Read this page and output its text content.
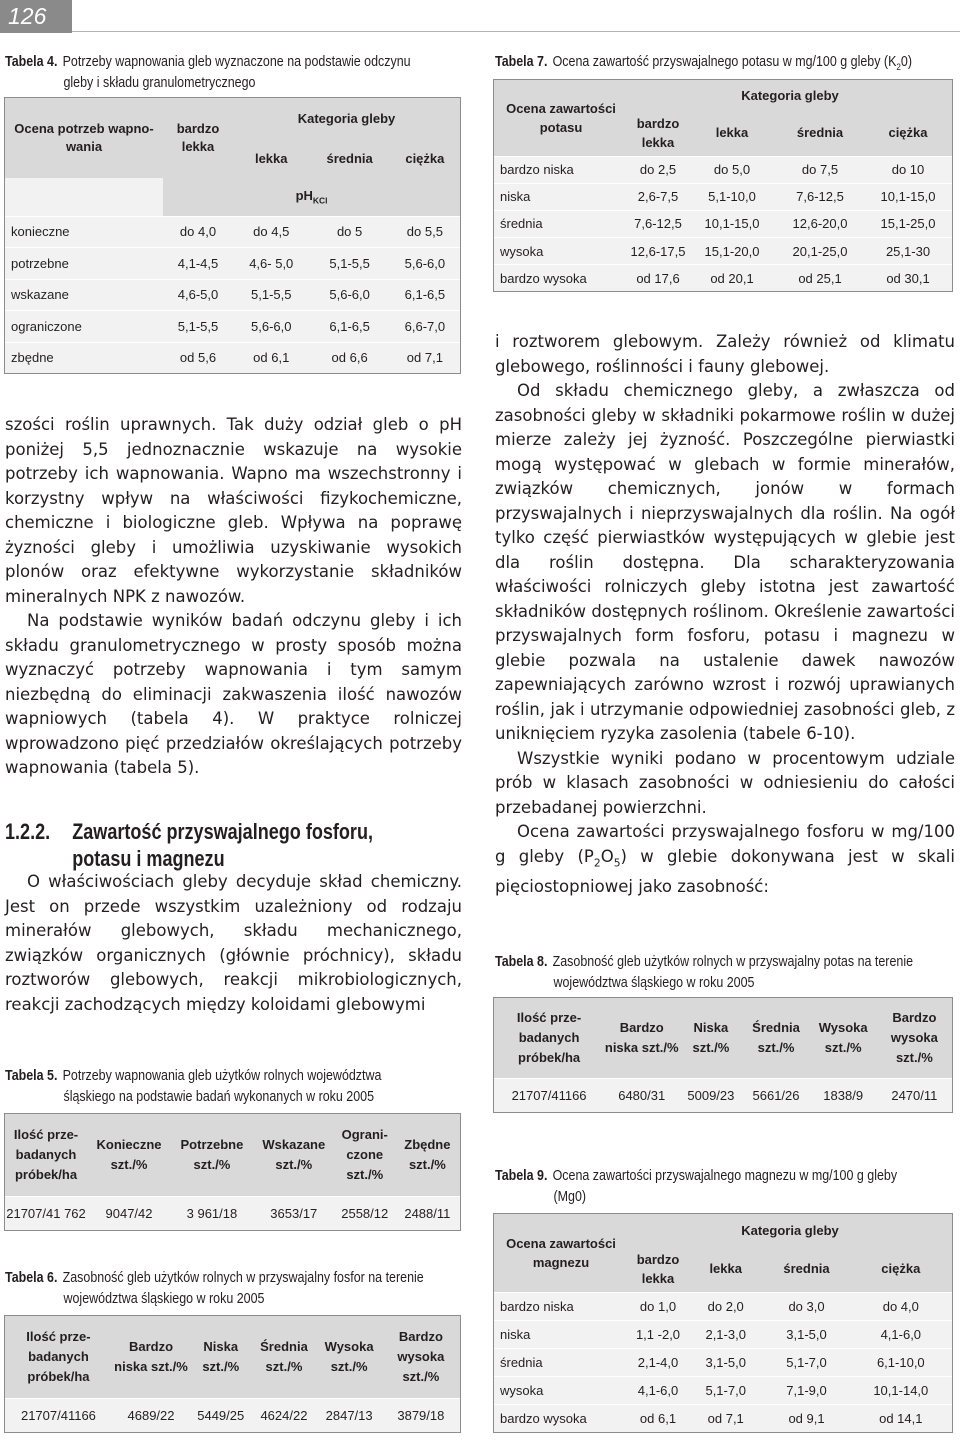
126
Tabela 4. Potrzeby wapnowania gleb wyznaczone na podstawie odczynu
gleby i składu granulometrycznego
Ocena potrzeb wapno-wania	bardzo lekka	Kategoria gleby		
		lekka	średnia	ciężka
	$pH_{KCl}$
konieczne	do 4,0	do 4,5	do 5	do 5,5
potrzebne	4,1-4,5	4,6- 5,0	5,1-5,5	5,6-6,0
wskazane	4,6-5,0	5,1-5,5	5,6-6,0	6,1-6,5
ograniczone	5,1-5,5	5,6-6,0	6,1-6,5	6,6-7,0
zbędne	od 5,6	od 6,1	od 6,6	od 7,1

szości roślin uprawnych. Tak duży odział gleb o pH poniżej 5,5 jednoznacznie wskazuje na wysokie potrzeby ich wapnowania. Wapno ma wszechstronny i korzystny wpływ na właściwości fizykochemiczne, chemiczne i biologiczne gleb. Wpływa na poprawę żyzności gleby i umożliwia uzyskiwanie wysokich plonów oraz efektywne wykorzystanie składników mineralnych NPK z nawozów.

Na podstawie wyników badań odczynu gleby i ich składu granulometrycznego w prosty sposób można wyznaczyć potrzeby wapnowania i tym samym niezbędną do eliminacji zakwaszenia ilość nawozów wapniowych (tabela 4). W praktyce rolniczej wprowadzono pięć przedziałów określających potrzeby wapnowania (tabela 5).

1.2.2. Zawartość przyswajalnego fosforu,
potasu i magnezu

O właściwościach gleby decyduje skład chemiczny. Jest on przede wszystkim uzależniony od rodzaju minerałów glebowych, składu mechanicznego, związków organicznych (głównie próchnicy), składu roztworów glebowych, reakcji mikrobiologicznych, reakcji zachodzących między koloidami glebowymi

Tabela 5. Potrzeby wapnowania gleb użytków rolnych województwa
śląskiego na podstawie badań wykonanych w roku 2005
Ilość prze-badanych próbek/ha	Konieczne szt./%	Potrzebne szt./%	Wskazane szt./%	Ograni-czone szt./%	Zbędne szt./%
21707/41 762	9047/42	3 961/18	3653/17	2558/12	2488/11
Tabela 6. Zasobność gleb użytków rolnych w przyswajalny fosfor na terenie
województwa śląskiego w roku 2005
Ilość prze-badanych próbek/ha	Bardzo niska szt./%	Niska szt./%	Średnia szt./%	Wysoka szt./%	Bardzo wysoka szt./%
21707/41166	4689/22	5449/25	4624/22	2847/13	3879/18
Tabela 7. Ocena zawartość przyswajalnego potasu w mg/100 g gleby $(K_20)$
Ocena zawartości potasu	Kategoria gleby			
	bardzo lekka	lekka	średnia	ciężka
bardzo niska	do 2,5	do 5,0	do 7,5	do 10
niska	2,6-7,5	5,1-10,0	7,6-12,5	10,1-15,0
średnia	7,6-12,5	10,1-15,0	12,6-20,0	15,1-25,0
wysoka	12,6-17,5	15,1-20,0	20,1-25,0	25,1-30
bardzo wysoka	od 17,6	od 20,1	od 25,1	od 30,1

i roztworem glebowym. Zależy również od klimatu glebowego, roślinności i fauny glebowej.

Od składu chemicznego gleby, a zwłaszcza od zasobności gleby w składniki pokarmowe roślin w dużej mierze zależy jej żyzność. Poszczególne pierwiastki mogą występować w glebach w formie minerałów, związków chemicznych, jonów w formach przyswajalnych i nieprzyswajalnych dla roślin. Na ogół tylko część pierwiastków występujących w glebie jest dla roślin dostępna. Dla scharakteryzowania właściwości rolniczych gleby istotna jest zawartość składników dostępnych roślinom. Określenie zawartości przyswajalnych form fosforu, potasu i magnezu w glebie pozwala na ustalenie dawek nawozów zapewniających zarówno wzrost i rozwój uprawianych roślin, jak i utrzymanie odpowiedniej zasobności gleb, z uniknięciem ryzyka zasolenia (tabele 6-10).

Wszystkie wyniki podano w procentowym udziale prób w klasach zasobności w odniesieniu do całości przebadanej powierzchni.

Ocena zawartości przyswajalnego fosforu w mg/100 g gleby $(P_2O_5)$ w glebie dokonywana jest w skali pięciostopniowej jako zasobność:

Tabela 8. Zasobność gleb użytków rolnych w przyswajalny potas na terenie
województwa śląskiego w roku 2005
Ilość prze-badanych próbek/ha	Bardzo niska szt./%	Niska szt./%	Średnia szt./%	Wysoka szt./%	Bardzo wysoka szt./%
21707/41166	6480/31	5009/23	5661/26	1838/9	2470/11
Tabela 9. Ocena zawartości przyswajalnego magnezu w mg/100 g gleby
(Mg0)
Ocena zawartości magnezu	Kategoria gleby			
	bardzo lekka	lekka	średnia	ciężka
bardzo niska	do 1,0	do 2,0	do 3,0	do 4,0
niska	1,1 -2,0	2,1-3,0	3,1-5,0	4,1-6,0
średnia	2,1-4,0	3,1-5,0	5,1-7,0	6,1-10,0
wysoka	4,1-6,0	5,1-7,0	7,1-9,0	10,1-14,0
bardzo wysoka	od 6,1	od 7,1	od 9,1	od 14,1
